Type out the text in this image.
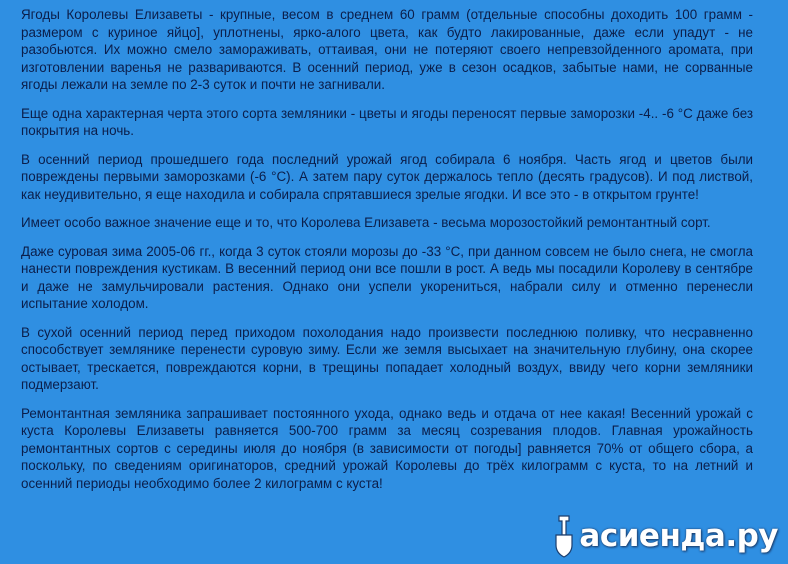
Ягоды Королевы Елизаветы - крупные, весом в среднем 60 грамм (отдельные способны доходить 100 грамм - размером с куриное яйцо], уплотнены, ярко-алого цвета, как будто лакированные, даже если упадут - не разобьются. Их можно смело замораживать, оттаивая, они не потеряют своего непревзойденного аромата, при изготовлении варенья не развариваются. В осенний период, уже в сезон осадков, забытые нами, не сорванные ягоды лежали на земле по 2-3 суток и почти не загнивали.

Еще одна характерная черта этого сорта земляники - цветы и ягоды переносят первые заморозки -4.. -6 °С даже без покрытия на ночь.

В осенний период прошедшего года последний урожай ягод собирала 6 ноября. Часть ягод и цветов были повреждены первыми заморозками (-6 °С). А затем пару суток держалось тепло (десять градусов). И под листвой, как неудивительно, я еще находила и собирала спрятавшиеся зрелые ягодки. И все это - в открытом грунте!

Имеет особо важное значение еще и то, что Королева Елизавета - весьма морозостойкий ремонтантный сорт.

Даже суровая зима 2005-06 гг., когда 3 суток стояли морозы до -33 °С, при данном совсем не было снега, не смогла нанести повреждения кустикам. В весенний период они все пошли в рост. А ведь мы посадили Королеву в сентябре и даже не замульчировали растения. Однако они успели укорениться, набрали силу и отменно перенесли испытание холодом.

В сухой осенний период перед приходом похолодания надо произвести последнюю поливку, что несравненно способствует землянике перенести суровую зиму. Если же земля высыхает на значительную глубину, она скорее остывает, трескается, повреждаются корни, в трещины попадает холодный воздух, ввиду чего корни земляники подмерзают.

Ремонтантная земляника запрашивает постоянного ухода, однако ведь и отдача от нее какая! Весенний урожай с куста Королевы Елизаветы равняется 500-700 грамм за месяц созревания плодов. Главная урожайность ремонтантных сортов с середины июля до ноября (в зависимости от погоды] равняется 70% от общего сбора, а поскольку, по сведениям оригинаторов, средний урожай Королевы до трёх килограмм с куста, то на летний и осенний периоды необходимо более 2 килограмм с куста!

асиенда.ру
